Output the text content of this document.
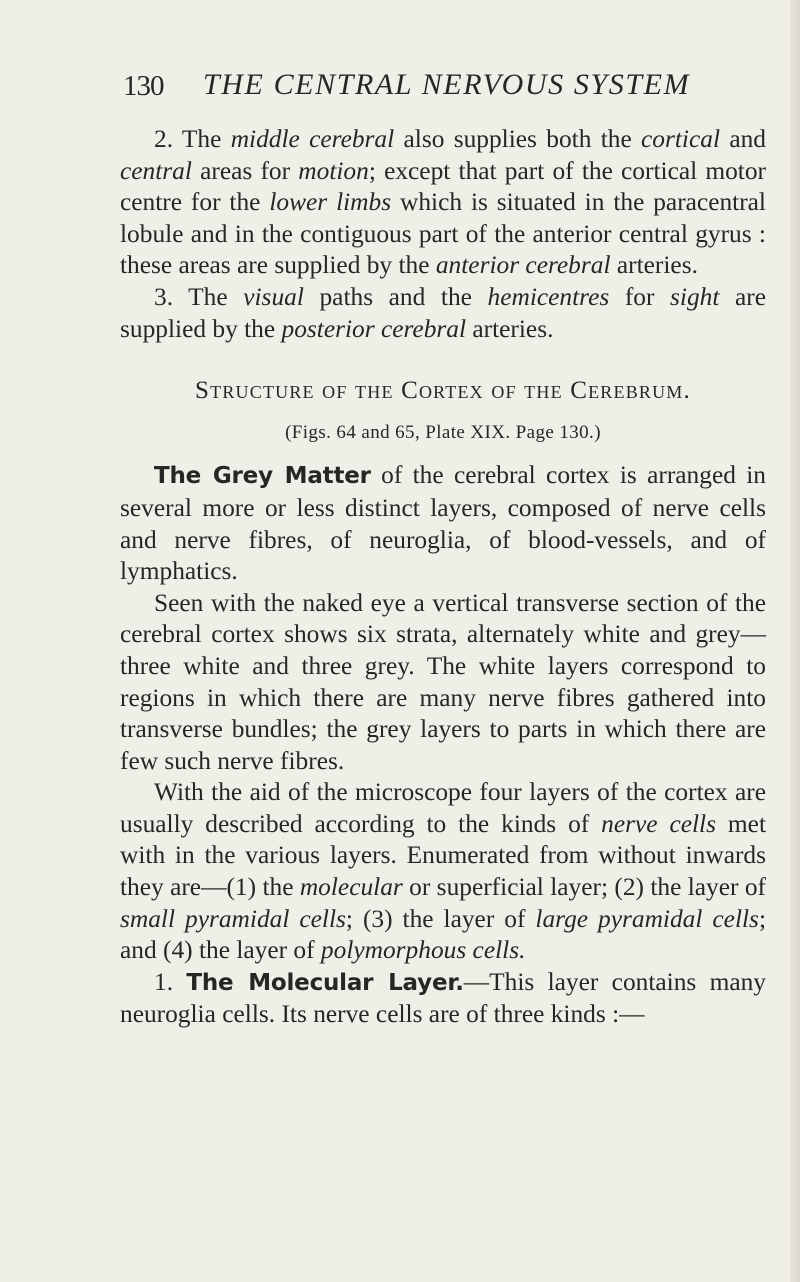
130 THE CENTRAL NERVOUS SYSTEM

2. The middle cerebral also supplies both the cortical and central areas for motion; except that part of the cortical motor centre for the lower limbs which is situated in the paracentral lobule and in the contiguous part of the anterior central gyrus : these areas are supplied by the anterior cerebral arteries.

3. The visual paths and the hemicentres for sight are supplied by the posterior cerebral arteries.

Structure of the Cortex of the Cerebrum.

(Figs. 64 and 65, Plate XIX. Page 130.)

The Grey Matter of the cerebral cortex is arranged in several more or less distinct layers, composed of nerve cells and nerve fibres, of neuroglia, of blood-vessels, and of lymphatics.

Seen with the naked eye a vertical transverse section of the cerebral cortex shows six strata, alternately white and grey—three white and three grey. The white layers correspond to regions in which there are many nerve fibres gathered into transverse bundles; the grey layers to parts in which there are few such nerve fibres.

With the aid of the microscope four layers of the cortex are usually described according to the kinds of nerve cells met with in the various layers. Enumerated from without inwards they are—(1) the molecular or superficial layer; (2) the layer of small pyramidal cells; (3) the layer of large pyramidal cells; and (4) the layer of polymorphous cells.

1. The Molecular Layer.—This layer contains many neuroglia cells. Its nerve cells are of three kinds :—
